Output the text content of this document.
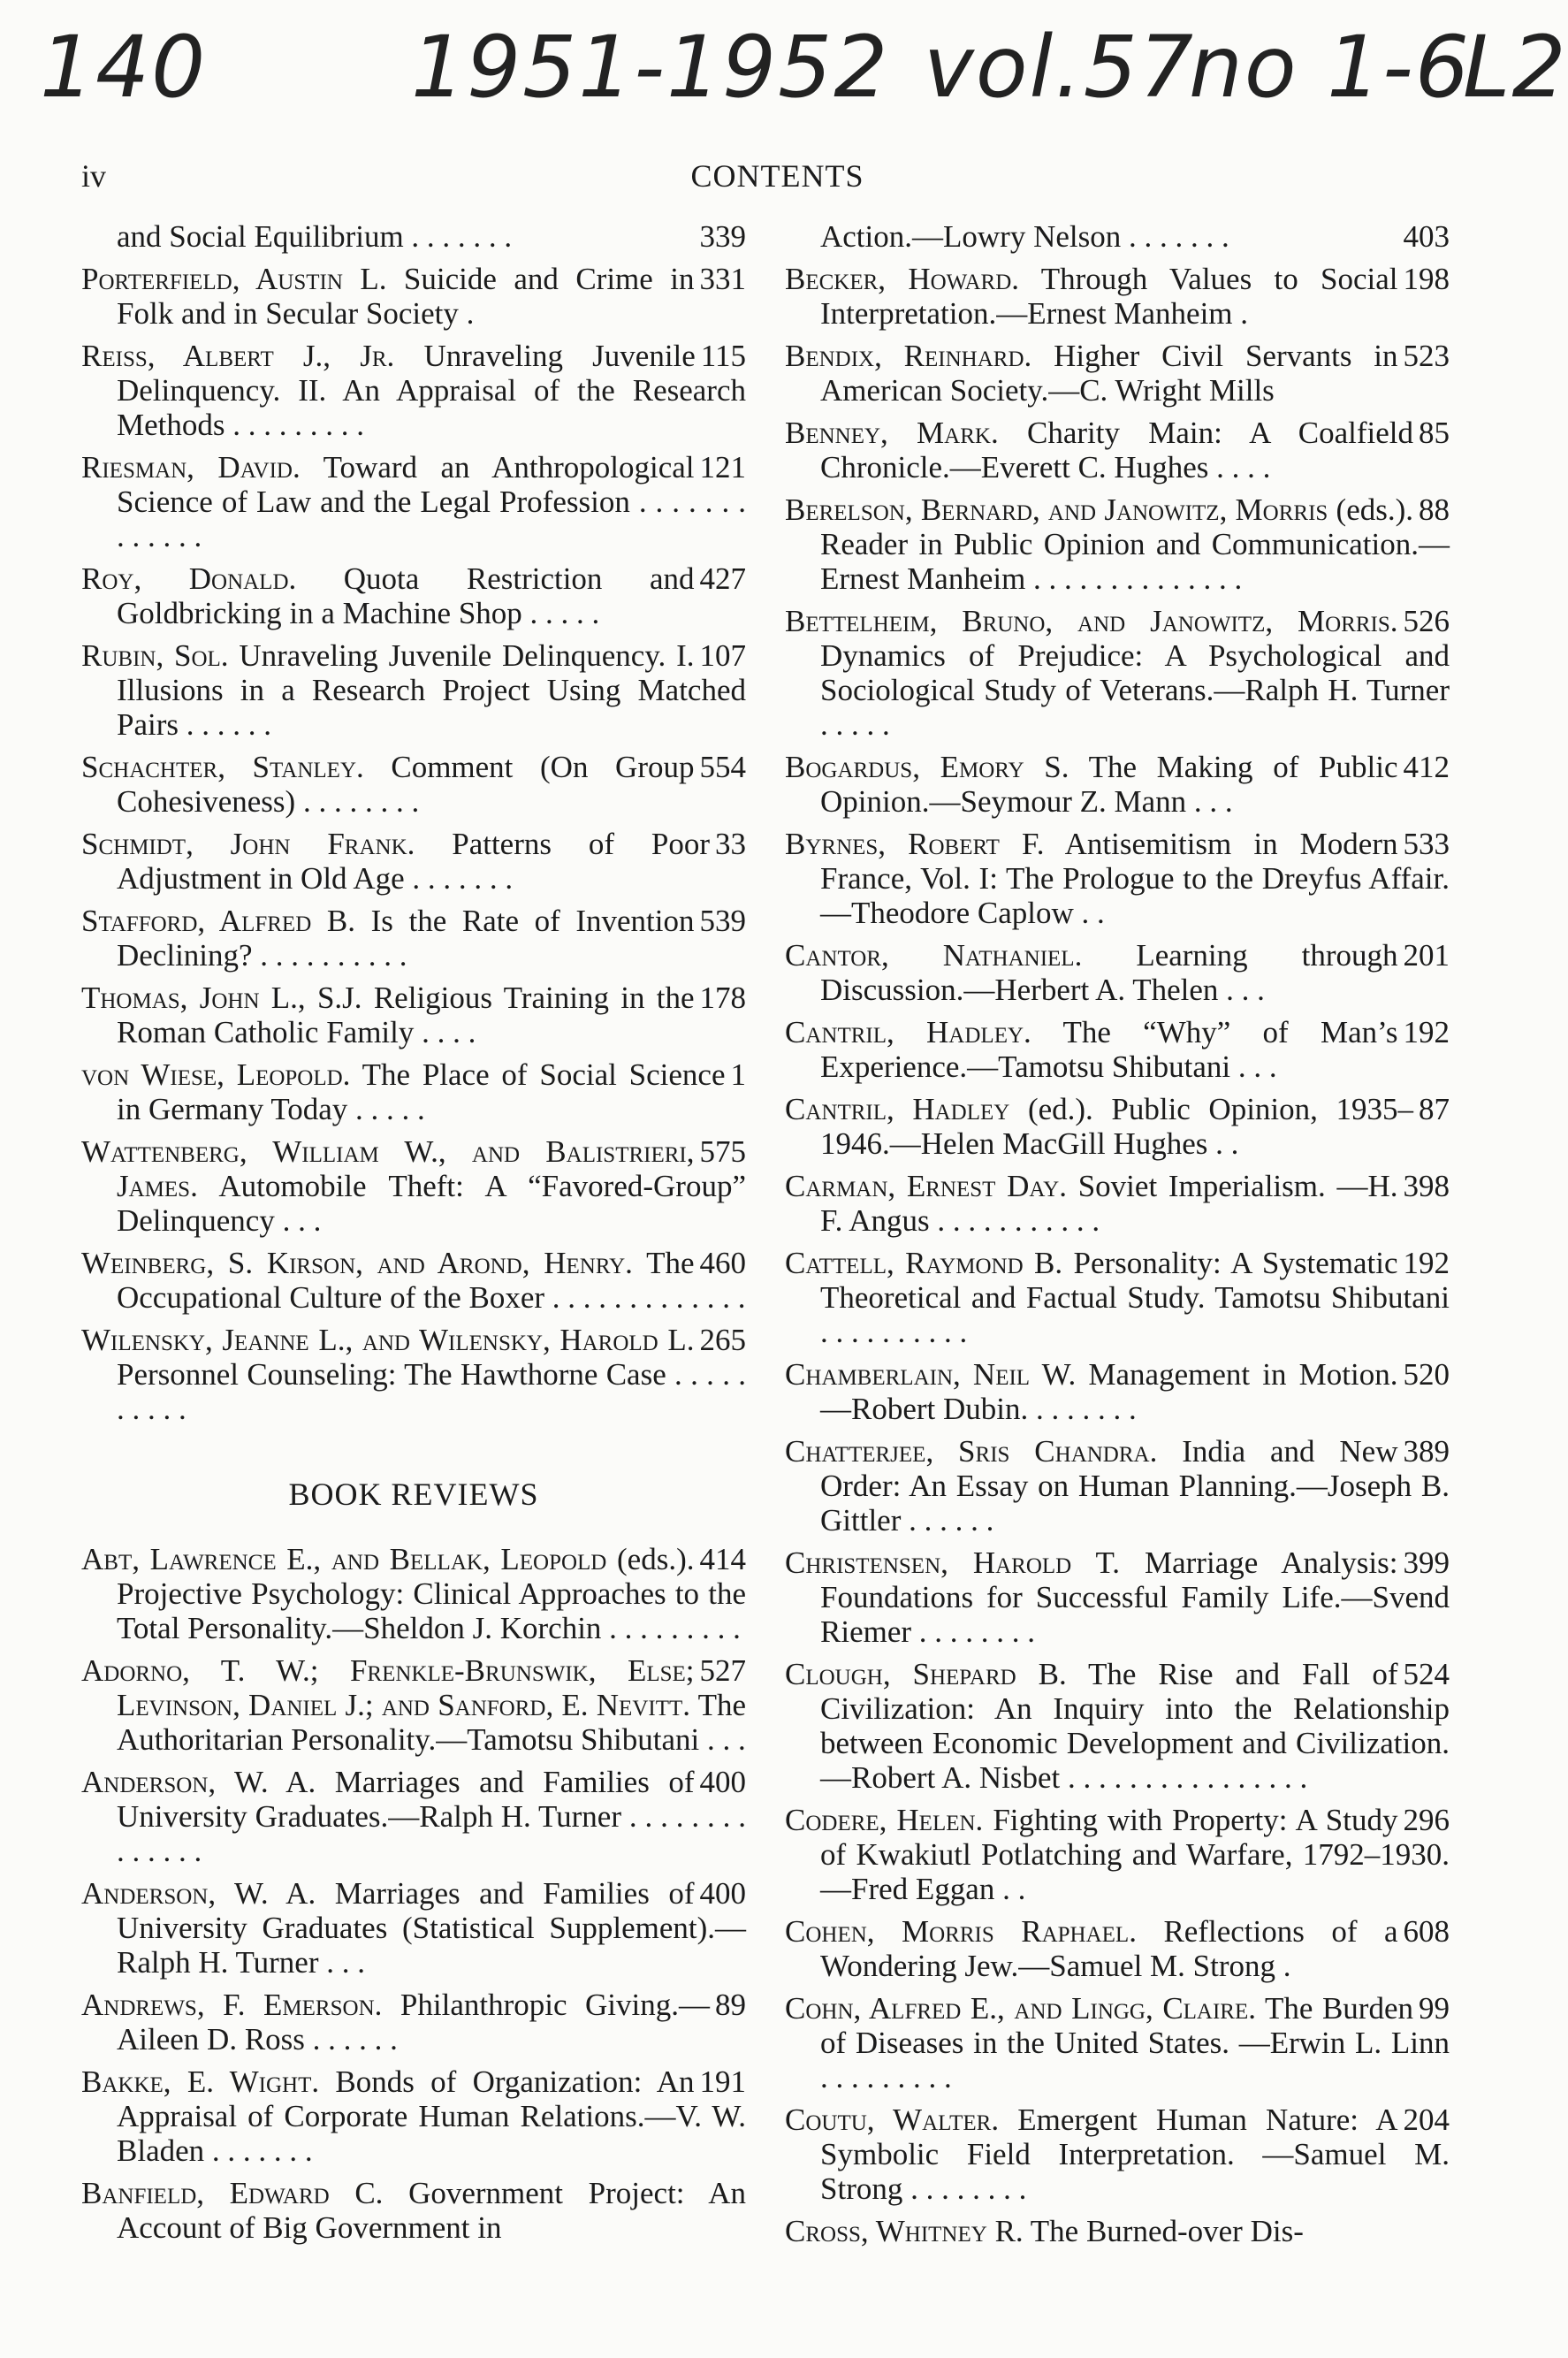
140 1951-1952 vol.57
no 1-6
L2
iv	CONTENTS
339
and Social Equilibrium . . . . . . .
331
Porterfield, Austin L. Suicide and Crime in Folk and in Secular Society .
115
Reiss, Albert J., Jr. Unraveling Juvenile Delinquency. II. An Appraisal of the Research Methods . . . . . . . . .
121
Riesman, David. Toward an Anthropological Science of Law and the Legal Profession . . . . . . . . . . . . .
427
Roy, Donald. Quota Restriction and Goldbricking in a Machine Shop . . . . .
107
Rubin, Sol. Unraveling Juvenile Delinquency. I. Illusions in a Research Project Using Matched Pairs . . . . . .
554
Schachter, Stanley. Comment (On Group Cohesiveness) . . . . . . . .
33
Schmidt, John Frank. Patterns of Poor Adjustment in Old Age . . . . . . .
539
Stafford, Alfred B. Is the Rate of Invention Declining? . . . . . . . . . .
178
Thomas, John L., S.J. Religious Training in the Roman Catholic Family . . . .
1
von Wiese, Leopold. The Place of Social Science in Germany Today . . . . .
575
Wattenberg, William W., and Balistrieri, James. Automobile Theft: A “Favored-Group” Delinquency . . .
460
Weinberg, S. Kirson, and Arond, Henry. The Occupational Culture of the Boxer . . . . . . . . . . . . .
265
Wilensky, Jeanne L., and Wilensky, Harold L. Personnel Counseling: The Hawthorne Case . . . . . . . . . .
BOOK REVIEWS
414
Abt, Lawrence E., and Bellak, Leopold (eds.). Projective Psychology: Clinical Approaches to the Total Personality.—Sheldon J. Korchin . . . . . . . . .
527
Adorno, T. W.; Frenkle-Brunswik, Else; Levinson, Daniel J.; and Sanford, E. Nevitt. The Authoritarian Personality.—Tamotsu Shibutani . . .
400
Anderson, W. A. Marriages and Families of University Graduates.—Ralph H. Turner . . . . . . . . . . . . . .
400
Anderson, W. A. Marriages and Families of University Graduates (Statistical Supplement).—Ralph H. Turner . . .
89
Andrews, F. Emerson. Philanthropic Giving.—Aileen D. Ross . . . . . .
191
Bakke, E. Wight. Bonds of Organization: An Appraisal of Corporate Human Relations.—V. W. Bladen . . . . . . .
Banfield, Edward C. Government Project: An Account of Big Government in
403
Action.—Lowry Nelson . . . . . . .
198
Becker, Howard. Through Values to Social Interpretation.—Ernest Manheim .
523
Bendix, Reinhard. Higher Civil Servants in American Society.—C. Wright Mills
85
Benney, Mark. Charity Main: A Coalfield Chronicle.—Everett C. Hughes . . . .
88
Berelson, Bernard, and Janowitz, Morris (eds.). Reader in Public Opinion and Communication.—Ernest Manheim . . . . . . . . . . . . . .
526
Bettelheim, Bruno, and Janowitz, Morris. Dynamics of Prejudice: A Psychological and Sociological Study of Veterans.—Ralph H. Turner . . . . .
412
Bogardus, Emory S. The Making of Public Opinion.—Seymour Z. Mann . . .
533
Byrnes, Robert F. Antisemitism in Modern France, Vol. I: The Prologue to the Dreyfus Affair.—Theodore Caplow . .
201
Cantor, Nathaniel. Learning through Discussion.—Herbert A. Thelen . . .
192
Cantril, Hadley. The “Why” of Man’s Experience.—Tamotsu Shibutani . . .
87
Cantril, Hadley (ed.). Public Opinion, 1935–1946.—Helen MacGill Hughes . .
398
Carman, Ernest Day. Soviet Imperialism. —H. F. Angus . . . . . . . . . . .
192
Cattell, Raymond B. Personality: A Systematic Theoretical and Factual Study. Tamotsu Shibutani . . . . . . . . . .
520
Chamberlain, Neil W. Management in Motion.—Robert Dubin. . . . . . . .
389
Chatterjee, Sris Chandra. India and New Order: An Essay on Human Planning.—Joseph B. Gittler . . . . . .
399
Christensen, Harold T. Marriage Analysis: Foundations for Successful Family Life.—Svend Riemer . . . . . . . .
524
Clough, Shepard B. The Rise and Fall of Civilization: An Inquiry into the Relationship between Economic Development and Civilization.—Robert A. Nisbet . . . . . . . . . . . . . . . .
296
Codere, Helen. Fighting with Property: A Study of Kwakiutl Potlatching and Warfare, 1792–1930.—Fred Eggan . .
608
Cohen, Morris Raphael. Reflections of a Wondering Jew.—Samuel M. Strong .
99
Cohn, Alfred E., and Lingg, Claire. The Burden of Diseases in the United States. —Erwin L. Linn . . . . . . . . .
204
Coutu, Walter. Emergent Human Nature: A Symbolic Field Interpretation. —Samuel M. Strong . . . . . . . .
Cross, Whitney R. The Burned-over Dis-
